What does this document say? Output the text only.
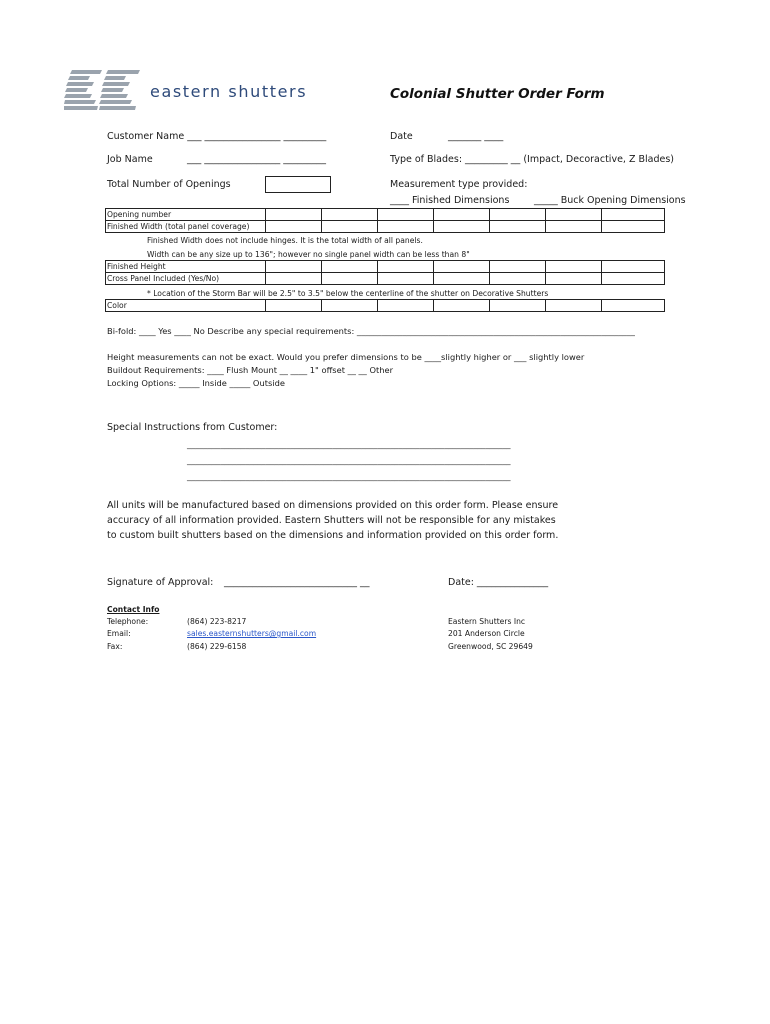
eastern shutters	Colonial Shutter Order Form
Customer Name ___ ________________ _________	Date	_______ ____
Job Name	___ ________________ _________	Type of Blades: _________ __ (Impact, Decoractive, Z Blades)
Total Number of Openings	Measurement type provided:
____ Finished Dimensions	_____ Buck Opening Dimensions
Opening number							
Finished Width (total panel coverage)							
Finished Width does not include hinges. It is the total width of all panels.
Width can be any size up to 136"; however no single panel width can be less than 8"
Finished Height							
Cross Panel Included (Yes/No)							
* Location of the Storm Bar will be 2.5" to 3.5" below the centerline of the shutter on Decorative Shutters
Color							
Bi-fold: ____ Yes ____ No Describe any special requirements: ___________________________________________________________________
Height measurements can not be exact. Would you prefer dimensions to be ____slightly higher or ___ slightly lower
Buildout Requirements: ____ Flush Mount __ ____ 1" offset __ __ Other
Locking Options: _____ Inside _____ Outside
Special Instructions from Customer:
______________________________________________________________________________
______________________________________________________________________________
______________________________________________________________________________
All units will be manufactured based on dimensions provided on this order form. Please ensure
accuracy of all information provided. Eastern Shutters will not be responsible for any mistakes
to custom built shutters based on the dimensions and information provided on this order form.
Signature of Approval: ____________________________ __	Date: _______________
Contact Info
Telephone:	(864) 223-8217
Email:	sales.easternshutters@gmail.com
Fax:	(864) 229-6158
Eastern Shutters Inc
201 Anderson Circle
Greenwood, SC 29649
